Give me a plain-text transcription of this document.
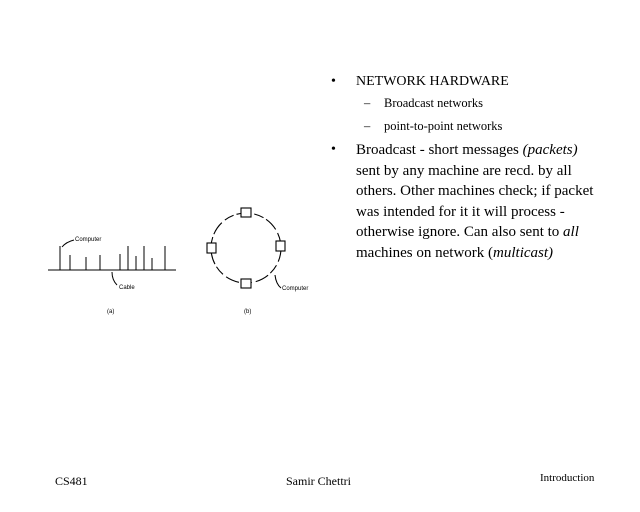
• NETWORK HARDWARE
– Broadcast networks
– point-to-point networks
• Broadcast - short messages (packets) sent by any machine are recd. by all others. Other machines check; if packet was intended for it it will process - otherwise ignore. Can also sent to all machines on network (multicast)
Computer
Cable
(a)
Computer
(b)
CS481	Samir Chettri	Introduction
